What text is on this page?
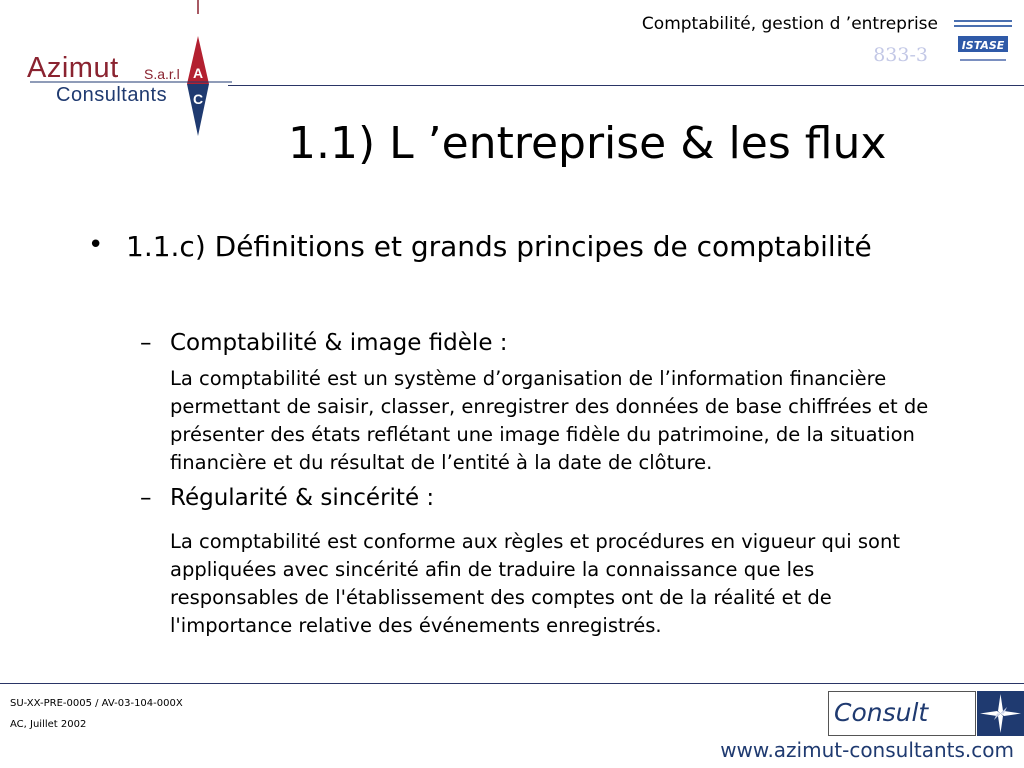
A
C
Azimut S.a.r.l
Consultants
Comptabilité, gestion d ’entreprise
833-3	ISTASE
1.1) L ’entreprise & les flux
• 1.1.c) Définitions et grands principes de comptabilité
– Comptabilité & image fidèle :
La comptabilité est un système d’organisation de l’information financière permettant de saisir, classer, enregistrer des données de base chiffrées et de présenter des états reflétant une image fidèle du patrimoine, de la situation financière et du résultat de l’entité à la date de clôture.
– Régularité & sincérité :
La comptabilité est conforme aux règles et procédures en vigueur qui sont appliquées avec sincérité afin de traduire la connaissance que les responsables de l'établissement des comptes ont de la réalité et de l'importance relative des événements enregistrés.
SU-XX-PRE-0005 / AV-03-104-000X
AC, Juillet 2002	Consult
www.azimut-consultants.com
